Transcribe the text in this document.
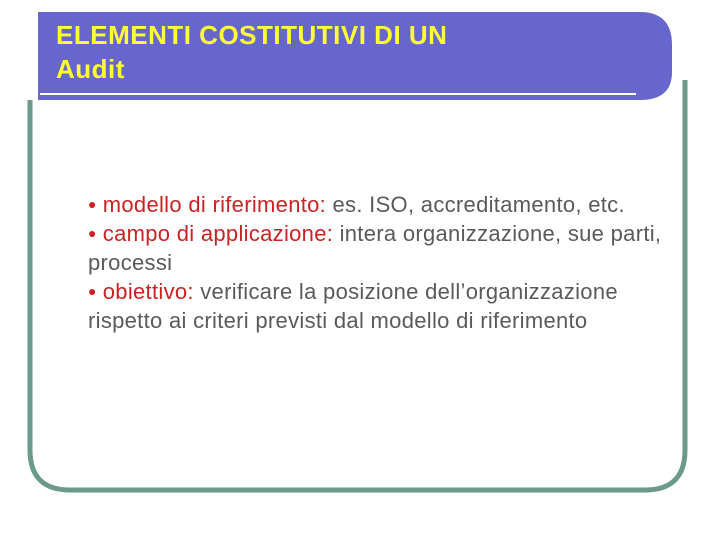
ELEMENTI COSTITUTIVI DI UN
Audit

● modello di riferimento: es. ISO, accreditamento, etc.

● campo di applicazione: intera organizzazione, sue parti, processi

● obiettivo: verificare la posizione dell’organizzazione rispetto ai criteri previsti dal modello di riferimento
